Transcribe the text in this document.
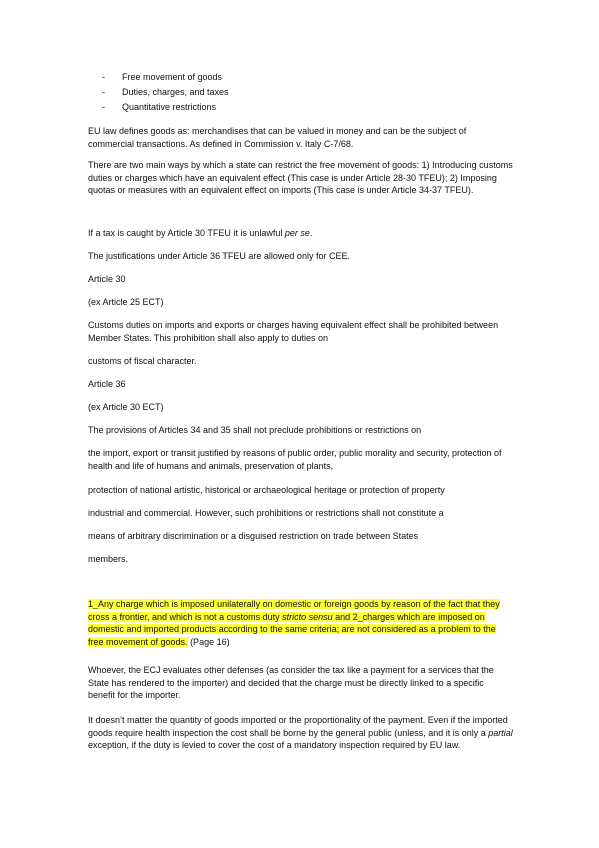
- Free movement of goods
- Duties, charges, and taxes
- Quantitative restrictions

EU law defines goods as: merchandises that can be valued in money and can be the subject of commercial transactions. As defined in Commission v. Italy C-7/68.

There are two main ways by which a state can restrict the free movement of goods: 1) Introducing customs duties or charges which have an equivalent effect (This case is under Article 28-30 TFEU); 2) Imposing quotas or measures with an equivalent effect on imports (This case is under Article 34-37 TFEU).

If a tax is caught by Article 30 TFEU it is unlawful per se.

The justifications under Article 36 TFEU are allowed only for CEE.

Article 30

(ex Article 25 ECT)

Customs duties on imports and exports or charges having equivalent effect shall be prohibited between Member States. This prohibition shall also apply to duties on

customs of fiscal character.

Article 36

(ex Article 30 ECT)

The provisions of Articles 34 and 35 shall not preclude prohibitions or restrictions on

the import, export or transit justified by reasons of public order, public morality and security, protection of health and life of humans and animals, preservation of plants,

protection of national artistic, historical or archaeological heritage or protection of property

industrial and commercial. However, such prohibitions or restrictions shall not constitute a

means of arbitrary discrimination or a disguised restriction on trade between States

members.

1_Any charge which is imposed unilaterally on domestic or foreign goods by reason of the fact that they cross a frontier, and which is not a customs duty stricto sensu and 2_charges which are imposed on domestic and imported products according to the same criteria; are not considered as a problem to the free movement of goods. (Page 16)

Whoever, the ECJ evaluates other defenses (as consider the tax like a payment for a services that the State has rendered to the importer) and decided that the charge must be directly linked to a specific benefit for the importer.

It doesn’t matter the quantity of goods imported or the proportionality of the payment. Even if the imported goods require health inspection the cost shall be borne by the general public (unless, and it is only a partial exception, if the duty is levied to cover the cost of a mandatory inspection required by EU law.
